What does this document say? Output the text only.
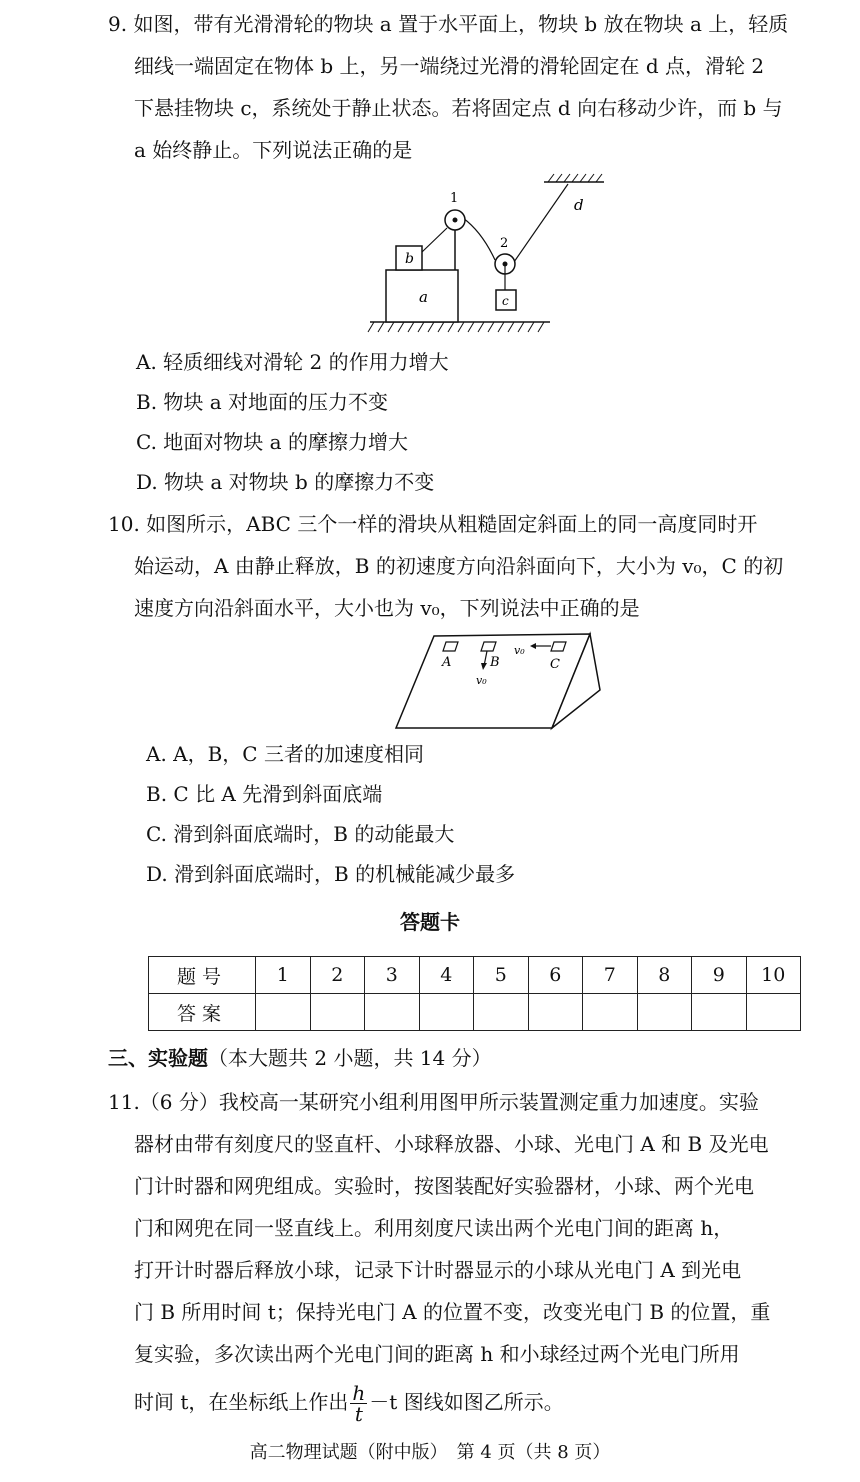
9. 如图，带有光滑滑轮的物块 a 置于水平面上，物块 b 放在物块 a 上，轻质
细线一端固定在物体 b 上，另一端绕过光滑的滑轮固定在 d 点，滑轮 2
下悬挂物块 c，系统处于静止状态。若将固定点 d 向右移动少许，而 b 与
a 始终静止。下列说法正确的是
a
b
1
2
c
d
A. 轻质细线对滑轮 2 的作用力增大
B. 物块 a 对地面的压力不变
C. 地面对物块 a 的摩擦力增大
D. 物块 a 对物块 b 的摩擦力不变
10. 如图所示，ABC 三个一样的滑块从粗糙固定斜面上的同一高度同时开
始运动，A 由静止释放，B 的初速度方向沿斜面向下，大小为 v₀，C 的初
速度方向沿斜面水平，大小也为 v₀，下列说法中正确的是
A	B
v₀
v₀
C
A. A，B，C 三者的加速度相同
B. C 比 A 先滑到斜面底端
C. 滑到斜面底端时，B 的动能最大
D. 滑到斜面底端时，B 的机械能减少最多
答题卡
题号	1	2	3	4	5	6	7	8	9	10
答案										
三、实验题（本大题共 2 小题，共 14 分）
11.（6 分）我校高一某研究小组利用图甲所示装置测定重力加速度。实验
器材由带有刻度尺的竖直杆、小球释放器、小球、光电门 A 和 B 及光电
门计时器和网兜组成。实验时，按图装配好实验器材，小球、两个光电
门和网兜在同一竖直线上。利用刻度尺读出两个光电门间的距离 h，
打开计时器后释放小球，记录下计时器显示的小球从光电门 A 到光电
门 B 所用时间 t；保持光电门 A 的位置不变，改变光电门 B 的位置，重
复实验，多次读出两个光电门间的距离 h 和小球经过两个光电门所用
时间 t，在坐标纸上作出 $\frac{h}{t} -t$ 图线如图乙所示。
高二物理试题（附中版）　第 4 页（共 8 页）
